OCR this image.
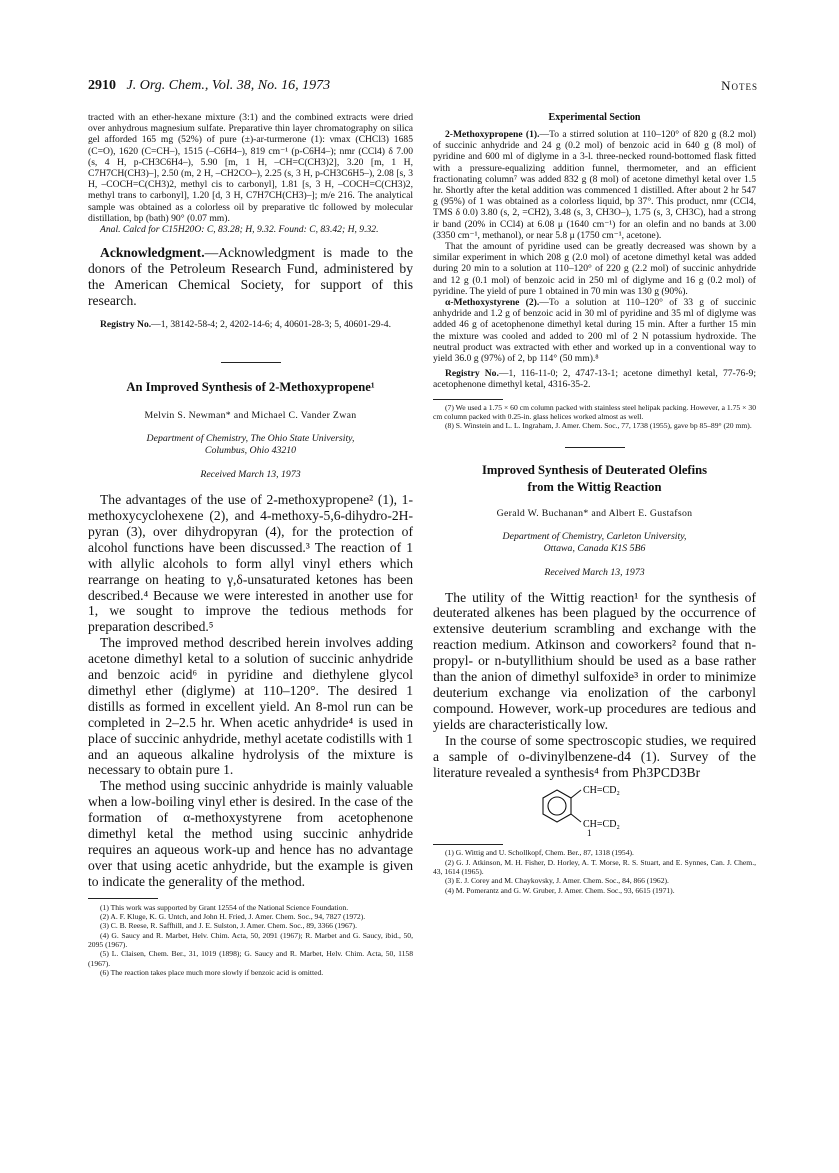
2910 J. Org. Chem., Vol. 38, No. 16, 1973	Notes

tracted with an ether-hexane mixture (3:1) and the combined extracts were dried over anhydrous magnesium sulfate. Preparative thin layer chromatography on silica gel afforded 165 mg (52%) of pure (±)-ar-turmerone (1): νmax (CHCl3) 1685 (C=O), 1620 (C=CH–), 1515 (–C6H4–), 819 cm⁻¹ (p-C6H4–); nmr (CCl4) δ 7.00 (s, 4 H, p-CH3C6H4–), 5.90 [m, 1 H, –CH=C(CH3)2], 3.20 [m, 1 H, C7H7CH(CH3)–], 2.50 (m, 2 H, –CH2CO–), 2.25 (s, 3 H, p-CH3C6H5–), 2.08 [s, 3 H, –COCH=C(CH3)2, methyl cis to carbonyl], 1.81 [s, 3 H, –COCH=C(CH3)2, methyl trans to carbonyl], 1.20 [d, 3 H, C7H7CH(CH3)–]; m/e 216. The analytical sample was obtained as a colorless oil by preparative tlc followed by molecular distillation, bp (bath) 90° (0.07 mm).

Anal. Calcd for C15H20O: C, 83.28; H, 9.32. Found: C, 83.42; H, 9.32.

Acknowledgment.—Acknowledgment is made to the donors of the Petroleum Research Fund, administered by the American Chemical Society, for support of this research.

Registry No.—1, 38142-58-4; 2, 4202-14-6; 4, 40601-28-3; 5, 40601-29-4.

An Improved Synthesis of 2-Methoxypropene¹
Melvin S. Newman* and Michael C. Vander Zwan
Department of Chemistry, The Ohio State University,
Columbus, Ohio 43210
Received March 13, 1973

The advantages of the use of 2-methoxypropene² (1), 1-methoxycyclohexene (2), and 4-methoxy-5,6-dihydro-2H-pyran (3), over dihydropyran (4), for the protection of alcohol functions have been discussed.³ The reaction of 1 with allylic alcohols to form allyl vinyl ethers which rearrange on heating to γ,δ-unsaturated ketones has been described.⁴ Because we were interested in another use for 1, we sought to improve the tedious methods for preparation described.⁵

The improved method described herein involves adding acetone dimethyl ketal to a solution of succinic anhydride and benzoic acid⁶ in pyridine and diethylene glycol dimethyl ether (diglyme) at 110–120°. The desired 1 distills as formed in excellent yield. An 8-mol run can be completed in 2–2.5 hr. When acetic anhydride⁴ is used in place of succinic anhydride, methyl acetate codistills with 1 and an aqueous alkaline hydrolysis of the mixture is necessary to obtain pure 1.

The method using succinic anhydride is mainly valuable when a low-boiling vinyl ether is desired. In the case of the formation of α-methoxystyrene from acetophenone dimethyl ketal the method using succinic anhydride requires an aqueous work-up and hence has no advantage over that using acetic anhydride, but the example is given to indicate the generality of the method.

(1) This work was supported by Grant 12554 of the National Science Foundation.

(2) A. F. Kluge, K. G. Untch, and John H. Fried, J. Amer. Chem. Soc., 94, 7827 (1972).

(3) C. B. Reese, R. Saffhill, and J. E. Sulston, J. Amer. Chem. Soc., 89, 3366 (1967).

(4) G. Saucy and R. Marbet, Helv. Chim. Acta, 50, 2091 (1967); R. Marbet and G. Saucy, ibid., 50, 2095 (1967).

(5) L. Claisen, Chem. Ber., 31, 1019 (1898); G. Saucy and R. Marbet, Helv. Chim. Acta, 50, 1158 (1967).

(6) The reaction takes place much more slowly if benzoic acid is omitted.

Experimental Section

2-Methoxypropene (1).—To a stirred solution at 110–120° of 820 g (8.2 mol) of succinic anhydride and 24 g (0.2 mol) of benzoic acid in 640 g (8 mol) of pyridine and 600 ml of diglyme in a 3-l. three-necked round-bottomed flask fitted with a pressure-equalizing addition funnel, thermometer, and an efficient fractionating column⁷ was added 832 g (8 mol) of acetone dimethyl ketal over 1.5 hr. Shortly after the ketal addition was commenced 1 distilled. After about 2 hr 547 g (95%) of 1 was obtained as a colorless liquid, bp 37°. This product, nmr (CCl4, TMS δ 0.0) 3.80 (s, 2, =CH2), 3.48 (s, 3, CH3O–), 1.75 (s, 3, CH3C), had a strong ir band (20% in CCl4) at 6.08 μ (1640 cm⁻¹) for an olefin and no bands at 3.00 (3350 cm⁻¹, methanol), or near 5.8 μ (1750 cm⁻¹, acetone).

That the amount of pyridine used can be greatly decreased was shown by a similar experiment in which 208 g (2.0 mol) of acetone dimethyl ketal was added during 20 min to a solution at 110–120° of 220 g (2.2 mol) of succinic anhydride and 12 g (0.1 mol) of benzoic acid in 250 ml of diglyme and 16 g (0.2 mol) of pyridine. The yield of pure 1 obtained in 70 min was 130 g (90%).

α-Methoxystyrene (2).—To a solution at 110–120° of 33 g of succinic anhydride and 1.2 g of benzoic acid in 30 ml of pyridine and 35 ml of diglyme was added 46 g of acetophenone dimethyl ketal during 15 min. After a further 15 min the mixture was cooled and added to 200 ml of 2 N potassium hydroxide. The neutral product was extracted with ether and worked up in a conventional way to yield 36.0 g (97%) of 2, bp 114° (50 mm).⁸

Registry No.—1, 116-11-0; 2, 4747-13-1; acetone dimethyl ketal, 77-76-9; acetophenone dimethyl ketal, 4316-35-2.

(7) We used a 1.75 × 60 cm column packed with stainless steel helipak packing. However, a 1.75 × 30 cm column packed with 0.25-in. glass helices worked almost as well.

(8) S. Winstein and L. L. Ingraham, J. Amer. Chem. Soc., 77, 1738 (1955), gave bp 85–89° (20 mm).

Improved Synthesis of Deuterated Olefins
from the Wittig Reaction
Gerald W. Buchanan* and Albert E. Gustafson
Department of Chemistry, Carleton University,
Ottawa, Canada K1S 5B6
Received March 13, 1973

The utility of the Wittig reaction¹ for the synthesis of deuterated alkenes has been plagued by the occurrence of extensive deuterium scrambling and exchange with the reaction medium. Atkinson and coworkers² found that n-propyl- or n-butyllithium should be used as a base rather than the anion of dimethyl sulfoxide³ in order to minimize deuterium exchange via enolization of the carbonyl compound. However, work-up procedures are tedious and yields are characteristically low.

In the course of some spectroscopic studies, we required a sample of o-divinylbenzene-d4 (1). Survey of the literature revealed a synthesis⁴ from Ph3PCD3Br

CH=CD₂
CH=CD₂
1

(1) G. Wittig and U. Schollkopf, Chem. Ber., 87, 1318 (1954).

(2) G. J. Atkinson, M. H. Fisher, D. Horley, A. T. Morse, R. S. Stuart, and E. Synnes, Can. J. Chem., 43, 1614 (1965).

(3) E. J. Corey and M. Chaykovsky, J. Amer. Chem. Soc., 84, 866 (1962).

(4) M. Pomerantz and G. W. Gruber, J. Amer. Chem. Soc., 93, 6615 (1971).
